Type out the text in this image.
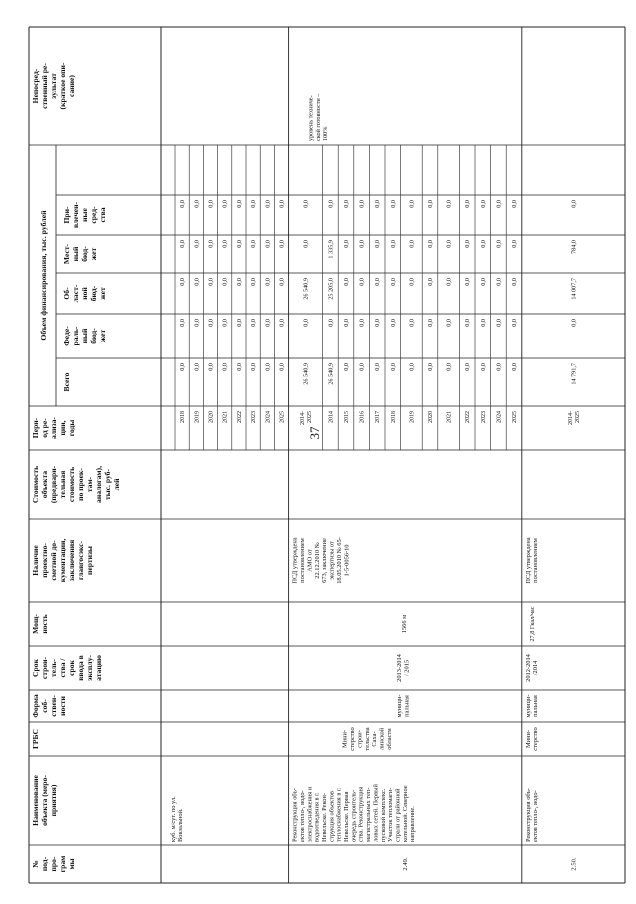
37
№под-про-граммы
Наименованиеобъекта (меро-приятия)
ГРБС
Формасоб-ствен-ности
Срокстрои-тель-ства /срокввода вэксплу-атацию
Мощ-ность
Наличиепроектно-сметной до-кументации,заключенияглавгосэкс-пертизы
Стоимостьобъекта(предвари-тельнаястоимостьпо проек-там-аналогам),тыс. руб-лей
Пери-од ре-ализа-ции,годы
Объем финансирования, тыс. рублей
Всего
Феде-раль-ныйбюд-жет
Об-ласт-нойбюд-жет
Мест-ныйбюд-жет
При-влечен-ныесред-ства
Непосред-ственный ре-зультат(краткое опи-сание)
2018
0,0
0,0
0,0
0,0
0,0
2019
0,0
0,0
0,0
0,0
0,0
2020
0,0
0,0
0,0
0,0
0,0
2021
0,0
0,0
0,0
0,0
0,0
2022
0,0
0,0
0,0
0,0
0,0
2023
0,0
0,0
0,0
0,0
0,0
2024
0,0
0,0
0,0
0,0
0,0
2025
0,0
0,0
0,0
0,0
0,0
куб. м/сут. по ул.Вокзальной.
2014-2025
26 540,9
0,0
26 540,9
0,0
0,0
2014
26 540,9
0,0
25 205,0
1 335,9
0,0
2015
0,0
0,0
0,0
0,0
0,0
2016
0,0
0,0
0,0
0,0
0,0
2017
0,0
0,0
0,0
0,0
0,0
2018
0,0
0,0
0,0
0,0
0,0
2019
0,0
0,0
0,0
0,0
0,0
2020
0,0
0,0
0,0
0,0
0,0
2021
0,0
0,0
0,0
0,0
0,0
2022
0,0
0,0
0,0
0,0
0,0
2023
0,0
0,0
0,0
0,0
0,0
2024
0,0
0,0
0,0
0,0
0,0
2025
0,0
0,0
0,0
0,0
0,0
2.49.
Реконструкция объ-ектов тепло-, водо-электроснабжения иводоотведения в г.Невельске. Рекон-струкция объектовтеплоснабжения в г.Невельске. Перваяочередь строитель-ства. Реконструкциямагистральных теп-ловых сетей. Первыйпусковой комплекс.Участок тепломаги-страли от районнойкотельной. Северноенаправление.
Мини-стерствострои-тельстваСаха-линскойобласти
муници-пальная
2013-2014/ 2015
1566 м
ПСД утвержденапостановлениемАМО от22.12.2010 №673, заключениеэкспертизы от18.05.2010 № 65-1-5-0056-10
уровень техниче-ской готовности –100%
2.50.
Реконструкция объ-ектов тепло-, водо-
Мини-стерство
муници-пальная
2012-2014/2014
27,8 Гкал/час
ПСД утвержденапостановлением
2014-2025
14 791,7
0,0
14 007,7
784,0
0,0
